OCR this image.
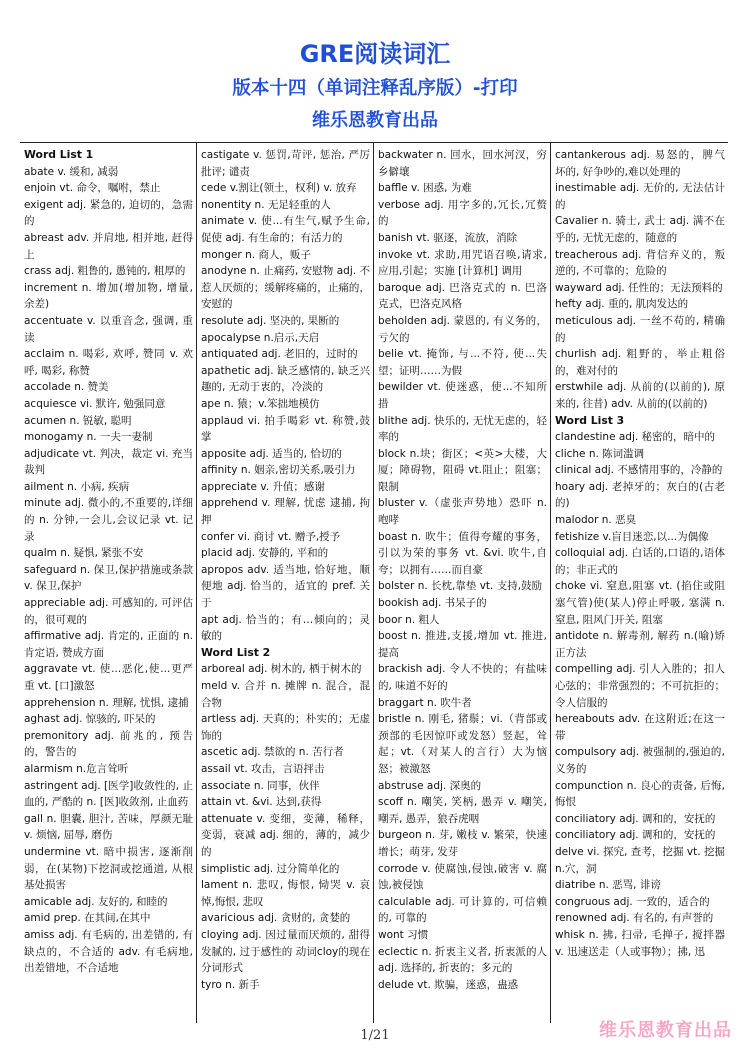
GRE阅读词汇
版本十四（单词注释乱序版）-打印
维乐恩教育出品
Word List 1
abate v. 缓和, 减弱
enjoin vt. 命令，嘱咐，禁止
exigent adj. 紧急的, 迫切的，急需的
abreast adv. 并肩地, 相并地, 赶得上
crass adj. 粗鲁的, 愚钝的, 粗厚的
increment n. 增加(增加物, 增量, 余差)
accentuate v. 以重音念, 强调, 重读
acclaim n. 喝彩, 欢呼, 赞同 v. 欢呼, 喝彩, 称赞
accolade n. 赞美
acquiesce vi. 默许, 勉强同意
acumen n. 锐敏, 聪明
monogamy n. 一夫一妻制
adjudicate vt. 判决，裁定 vi. 充当裁判
ailment n. 小病, 疾病
minute adj. 微小的,不重要的,详细的 n. 分钟,一会儿,会议记录 vt. 记录
qualm n. 疑惧, 紧张不安
safeguard n. 保卫,保护措施或条款 v. 保卫,保护
appreciable adj. 可感知的, 可评估的，很可观的
affirmative adj. 肯定的, 正面的 n. 肯定语, 赞成方面
aggravate vt. 使...恶化,使...更严重 vt. [口]激怒
apprehension n. 理解, 忧惧, 逮捕
aghast adj. 惊骇的, 吓呆的
premonitory adj. 前兆的, 预告的，警告的
alarmism n.危言耸听
astringent adj. [医学]收敛性的, 止血的, 严酷的 n. [医]收敛剂, 止血药
gall n. 胆囊, 胆汁, 苦味，厚颜无耻 v. 烦恼, 屈辱, 磨伤
undermine vt. 暗中损害, 逐渐削弱，在(某物)下挖洞或挖通道, 从根基处损害
amicable adj. 友好的, 和睦的
amid prep. 在其间,在其中
amiss adj. 有毛病的, 出差错的, 有缺点的，不合适的 adv. 有毛病地, 出差错地，不合适地
castigate v. 惩罚,苛评, 惩治, 严厉批评; 谴责
cede v.割让(领土，权利) v. 放弃
nonentity n. 无足轻重的人
animate v. 使...有生气,赋予生命,促使 adj. 有生命的；有活力的
monger n. 商人，贩子
anodyne n. 止痛药, 安慰物 adj. 不惹人厌烦的；缓解疼痛的，止痛的，安慰的
resolute adj. 坚决的, 果断的
apocalypse n.启示,天启
antiquated adj. 老旧的，过时的
apathetic adj. 缺乏感情的, 缺乏兴趣的, 无动于衷的，冷淡的
ape n. 猿；v.笨拙地模仿
applaud vi. 拍手喝彩 vt. 称赞,鼓掌
apposite adj. 适当的, 恰切的
affinity n. 姻亲,密切关系,吸引力
appreciate v. 升值；感谢
apprehend v. 理解, 忧虑 逮捕, 拘押
confer vi. 商讨 vt. 赠予,授予
placid adj. 安静的, 平和的
apropos adv. 适当地, 恰好地，顺便地 adj. 恰当的，适宜的 pref. 关于
apt adj. 恰当的；有…倾向的；灵敏的
Word List 2
arboreal adj. 树木的, 栖于树木的
meld v. 合并 n. 摊牌 n. 混合，混合物
artless adj. 天真的；朴实的；无虚饰的
ascetic adj. 禁欲的 n. 苦行者
assail vt. 攻击，言语抨击
associate n. 同事，伙伴
attain vt. &vi. 达到,获得
attenuate v. 变细，变薄，稀释，变弱，衰减 adj. 细的，薄的，减少的
simplistic adj. 过分简单化的
lament n. 悲叹, 悔恨, 恸哭 v. 哀悼,悔恨, 悲叹
avaricious adj. 贪财的, 贪婪的
cloying adj. 因过量而厌烦的, 甜得发腻的, 过于感性的 动词cloy的现在分词形式
tyro n. 新手
backwater n. 回水，回水河汊，穷乡僻壤
baffle v. 困惑, 为难
verbose adj. 用字多的,冗长,冗赘的
banish vt. 驱逐，流放，消除
invoke vt. 求助,用咒语召唤,请求,应用,引起；实施 [计算机] 调用
baroque adj. 巴洛克式的 n. 巴洛克式，巴洛克风格
beholden adj. 蒙恩的, 有义务的，亏欠的
belie vt. 掩饰, 与...不符, 使...失望；证明……为假
bewilder vt. 使迷惑，使...不知所措
blithe adj. 快乐的, 无忧无虑的，轻率的
block n.块；街区；<英>大楼，大厦；障碍物，阻碍 vt.阻止；阻塞；限制
bluster v.（虚张声势地）恐吓 n. 咆哮
boast n. 吹牛；值得夸耀的事务，引以为荣的事务 vt. &vi. 吹牛,自夸；以拥有……而自豪
bolster n. 长枕,靠垫 vt. 支持,鼓励
bookish adj. 书呆子的
boor n. 粗人
boost n. 推进,支援,增加 vt. 推进,提高
brackish adj. 令人不快的；有盐味的, 味道不好的
braggart n. 吹牛者
bristle n. 刚毛, 猪鬃；vi.（背部或颈部的毛因惊吓或发怒）竖起，耸起；vt.（对某人的言行）大为恼怒；被激怒
abstruse adj. 深奥的
scoff n. 嘲笑, 笑柄, 愚弄 v. 嘲笑, 嘲弄, 愚弄，狼吞虎咽
burgeon n. 芽, 嫩枝 v. 繁荣，快速增长；萌芽, 发芽
corrode v. 使腐蚀,侵蚀,破害 v. 腐蚀,被侵蚀
calculable adj. 可计算的, 可信赖的, 可靠的
wont 习惯
eclectic n. 折衷主义者, 折衷派的人 adj. 选择的, 折衷的；多元的
delude vt. 欺骗，迷惑，蛊惑
cantankerous adj. 易怒的，脾气坏的, 好争吵的,难以处理的
inestimable adj. 无价的, 无法估计的
Cavalier n. 骑士, 武士 adj. 满不在乎的, 无忧无虑的，随意的
treacherous adj. 背信弃义的，叛逆的, 不可靠的；危险的
wayward adj. 任性的；无法预料的
hefty adj. 重的, 肌肉发达的
meticulous adj. 一丝不苟的, 精确的
churlish adj. 粗野的，举止粗俗的，难对付的
erstwhile adj. 从前的(以前的), 原来的, 往昔) adv. 从前的(以前的)
Word List 3
clandestine adj. 秘密的，暗中的
cliche n. 陈词滥调
clinical adj. 不感情用事的，冷静的
hoary adj. 老掉牙的；灰白的(古老的)
malodor n. 恶臭
fetishize v.盲目迷恋,以...为偶像
colloquial adj. 白话的,口语的,语体的；非正式的
choke vi. 窒息,阻塞 vt. (掐住或阻塞气管)使(某人)停止呼吸, 塞满 n. 窒息, 阻风门开关, 阻塞
antidote n. 解毒剂, 解药 n.(喻)矫正方法
compelling adj. 引人入胜的；扣人心弦的；非常强烈的；不可抗拒的；令人信服的
hereabouts adv. 在这附近;在这一带
compulsory adj. 被强制的,强迫的,义务的
compunction n. 良心的责备, 后悔,悔恨
conciliatory adj. 调和的，安抚的
conciliatory adj. 调和的，安抚的
delve vi. 探究, 查考，挖掘 vt. 挖掘 n.穴，洞
diatribe n. 恶骂, 诽谤
congruous adj. 一致的，适合的
renowned adj. 有名的, 有声誉的
whisk n. 拂, 扫帚, 毛掸子, 搅拌器 v. 迅速送走（人或事物）；拂, 迅
1/21	维乐恩教育出品
